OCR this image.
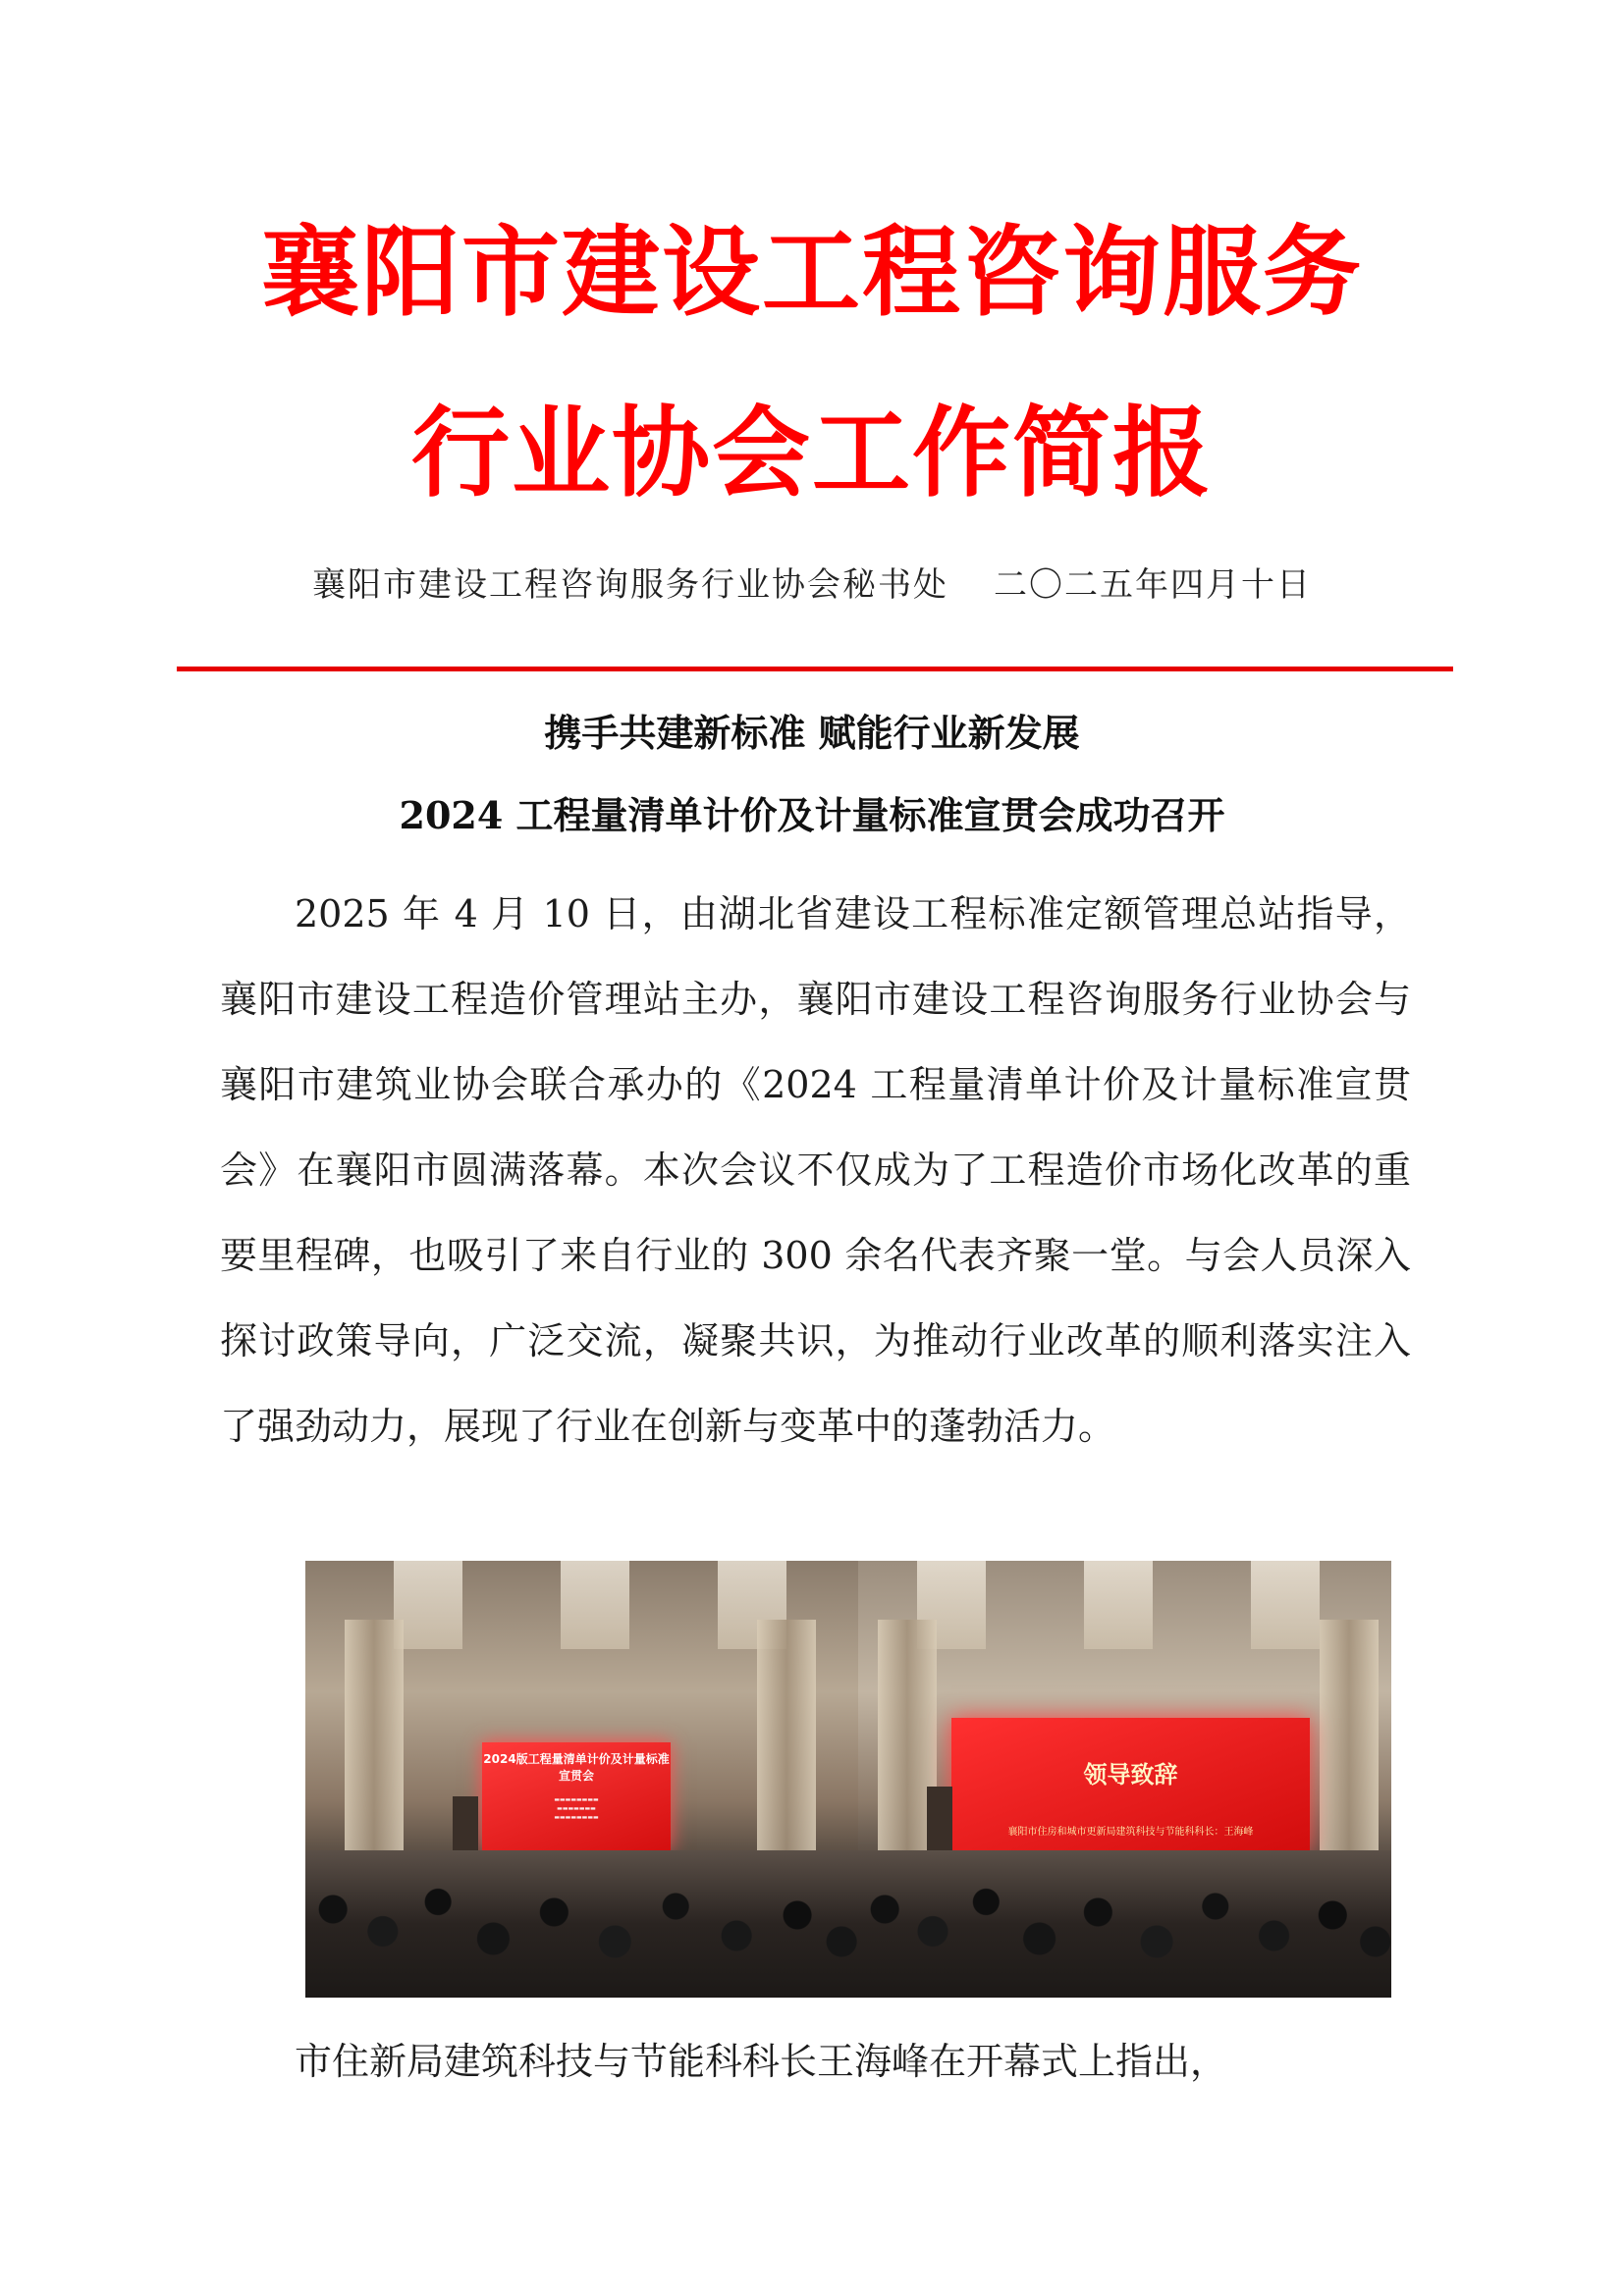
襄阳市建设工程咨询服务
行业协会工作简报
襄阳市建设工程咨询服务行业协会秘书处 二〇二五年四月十日
携手共建新标准 赋能行业新发展
2024 工程量清单计价及计量标准宣贯会成功召开

2025 年 4 月 10 日，由湖北省建设工程标准定额管理总站指导，襄阳市建设工程造价管理站主办，襄阳市建设工程咨询服务行业协会与襄阳市建筑业协会联合承办的《2024 工程量清单计价及计量标准宣贯会》在襄阳市圆满落幕。本次会议不仅成为了工程造价市场化改革的重要里程碑，也吸引了来自行业的 300 余名代表齐聚一堂。与会人员深入探讨政策导向，广泛交流，凝聚共识，为推动行业改革的顺利落实注入了强劲动力，展现了行业在创新与变革中的蓬勃活力。

2024版工程量清单计价及计量标准宣贯会
▬▬▬▬▬▬▬▬
▬▬▬▬▬▬▬
▬▬▬▬▬▬▬▬
领导致辞
襄阳市住房和城市更新局建筑科技与节能科科长：王海峰

市住新局建筑科技与节能科科长王海峰在开幕式上指出，
